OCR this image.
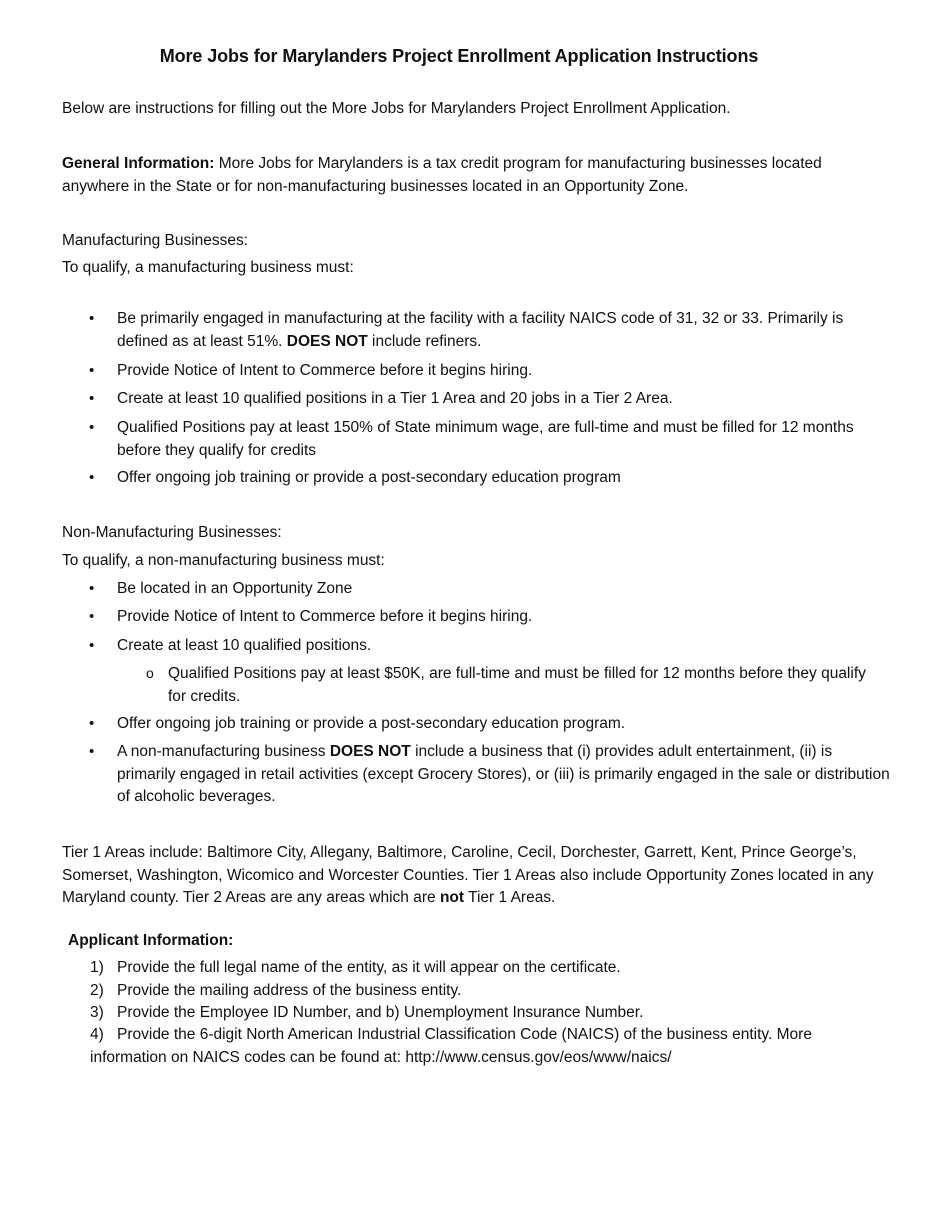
More Jobs for Marylanders Project Enrollment Application Instructions
Below are instructions for filling out the More Jobs for Marylanders Project Enrollment Application.
General Information: More Jobs for Marylanders is a tax credit program for manufacturing businesses located anywhere in the State or for non-manufacturing businesses located in an Opportunity Zone.
Manufacturing Businesses:
To qualify, a manufacturing business must:
• Be primarily engaged in manufacturing at the facility with a facility NAICS code of 31, 32 or 33. Primarily is defined as at least 51%. DOES NOT include refiners.
• Provide Notice of Intent to Commerce before it begins hiring.
• Create at least 10 qualified positions in a Tier 1 Area and 20 jobs in a Tier 2 Area.
• Qualified Positions pay at least 150% of State minimum wage, are full-time and must be filled for 12 months before they qualify for credits
• Offer ongoing job training or provide a post-secondary education program
Non-Manufacturing Businesses:
To qualify, a non-manufacturing business must:
• Be located in an Opportunity Zone
• Provide Notice of Intent to Commerce before it begins hiring.
• Create at least 10 qualified positions.
o Qualified Positions pay at least $50K, are full-time and must be filled for 12 months before they qualify for credits.
• Offer ongoing job training or provide a post-secondary education program.
• A non-manufacturing business DOES NOT include a business that (i) provides adult entertainment, (ii) is primarily engaged in retail activities (except Grocery Stores), or (iii) is primarily engaged in the sale or distribution of alcoholic beverages.
Tier 1 Areas include: Baltimore City, Allegany, Baltimore, Caroline, Cecil, Dorchester, Garrett, Kent, Prince George’s, Somerset, Washington, Wicomico and Worcester Counties. Tier 1 Areas also include Opportunity Zones located in any Maryland county. Tier 2 Areas are any areas which are not Tier 1 Areas.
Applicant Information:
1) Provide the full legal name of the entity, as it will appear on the certificate.
2) Provide the mailing address of the business entity.
3) Provide the Employee ID Number, and b) Unemployment Insurance Number.
4) Provide the 6-digit North American Industrial Classification Code (NAICS) of the business entity. More information on NAICS codes can be found at: http://www.census.gov/eos/www/naics/
